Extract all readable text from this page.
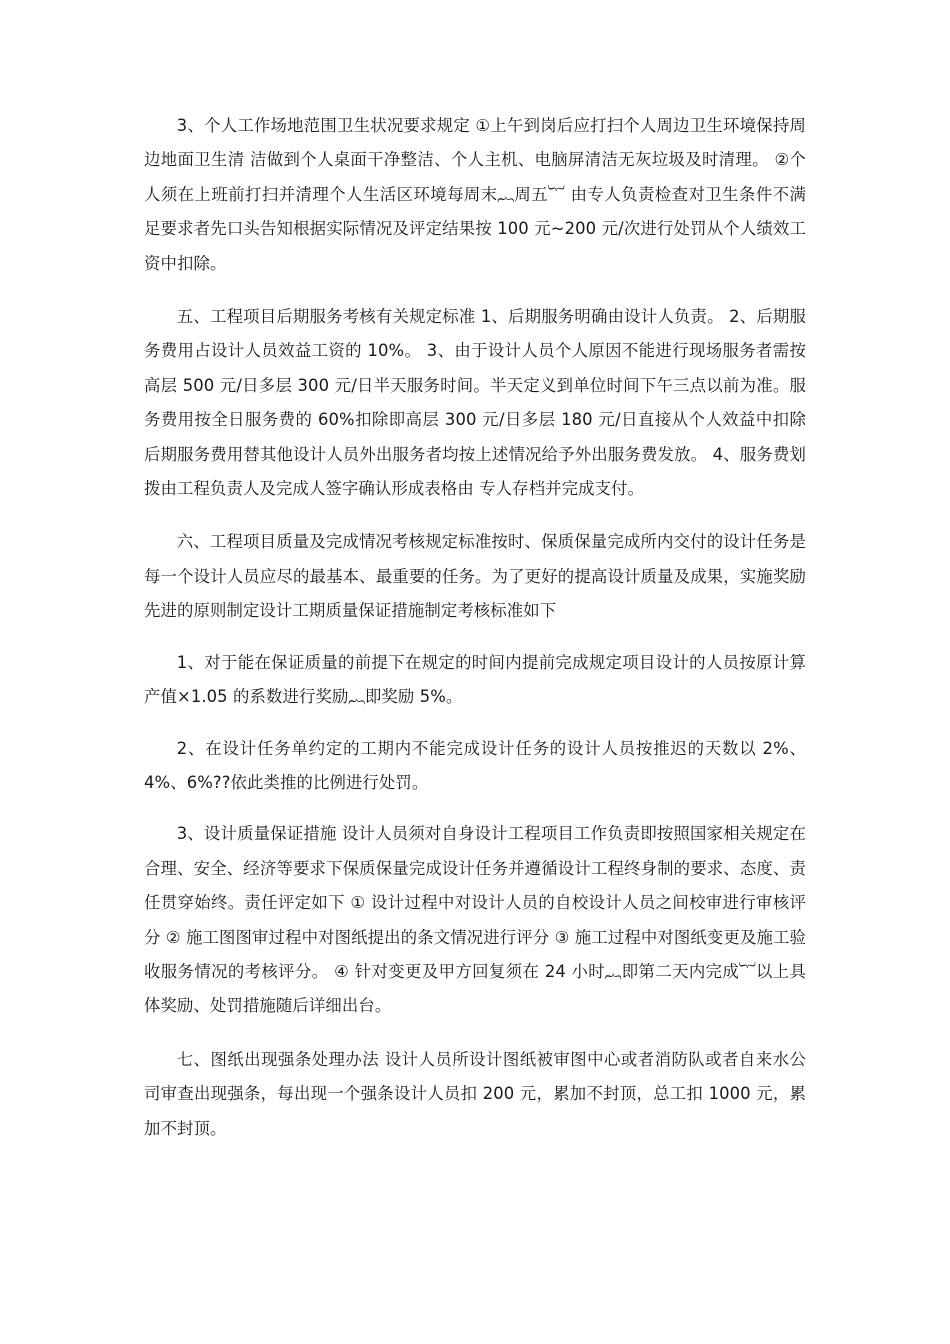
3、个人工作场地范围卫生状况要求规定 ①上午到岗后应打扫个人周边卫生环境保持周边地面卫生清 洁做到个人桌面干净整洁、个人主机、电脑屏清洁无灰垃圾及时清理。 ②个人须在上班前打扫并清理个人生活区环境每周末︷周五︸ 由专人负责检查对卫生条件不满足要求者先口头告知根据实际情况及评定结果按 100 元~200 元/次进行处罚从个人绩效工资中扣除。

五、工程项目后期服务考核有关规定标准 1、后期服务明确由设计人负责。 2、后期服务费用占设计人员效益工资的 10%。 3、由于设计人员个人原因不能进行现场服务者需按高层 500 元/日多层 300 元/日半天服务时间。半天定义到单位时间下午三点以前为准。服务费用按全日服务费的 60%扣除即高层 300 元/日多层 180 元/日直接从个人效益中扣除后期服务费用替其他设计人员外出服务者均按上述情况给予外出服务费发放。 4、服务费划拨由工程负责人及完成人签字确认形成表格由 专人存档并完成支付。

六、工程项目质量及完成情况考核规定标准按时、保质保量完成所内交付的设计任务是每一个设计人员应尽的最基本、最重要的任务。为了更好的提高设计质量及成果，实施奖励先进的原则制定设计工期质量保证措施制定考核标准如下

1、对于能在保证质量的前提下在规定的时间内提前完成规定项目设计的人员按原计算产值×1.05 的系数进行奖励︷即奖励 5%。

2、在设计任务单约定的工期内不能完成设计任务的设计人员按推迟的天数以 2%、4%、6%??依此类推的比例进行处罚。

3、设计质量保证措施 设计人员须对自身设计工程项目工作负责即按照国家相关规定在合理、安全、经济等要求下保质保量完成设计任务并遵循设计工程终身制的要求、态度、责任贯穿始终。责任评定如下 ① 设计过程中对设计人员的自校设计人员之间校审进行审核评分 ② 施工图图审过程中对图纸提出的条文情况进行评分 ③ 施工过程中对图纸变更及施工验收服务情况的考核评分。 ④ 针对变更及甲方回复须在 24 小时︷即第二天内完成︸以上具体奖励、处罚措施随后详细出台。

七、图纸出现强条处理办法 设计人员所设计图纸被审图中心或者消防队或者自来水公司审查出现强条，每出现一个强条设计人员扣 200 元，累加不封顶，总工扣 1000 元，累加不封顶。
